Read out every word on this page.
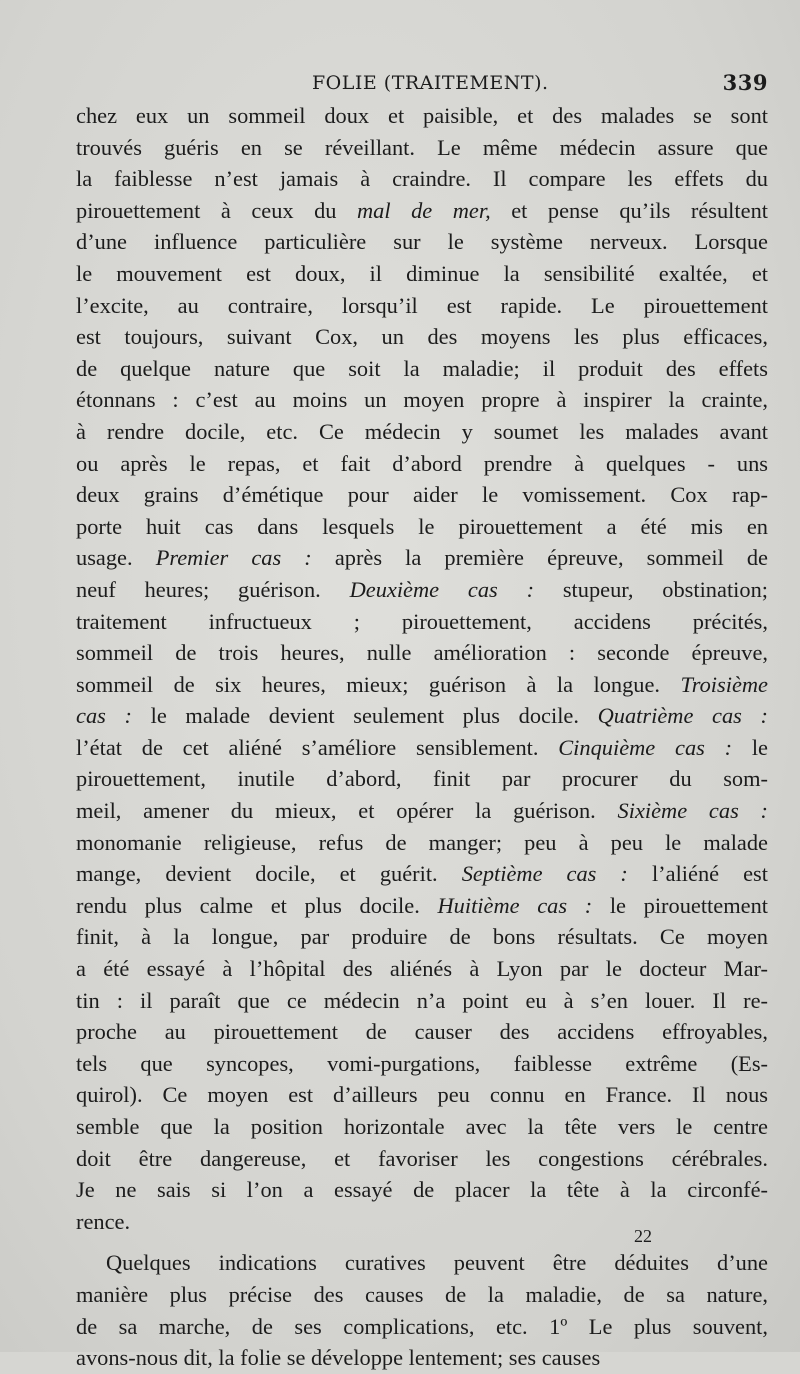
FOLIE (TRAITEMENT).	339
chez eux un sommeil doux et paisible, et des malades se sont
trouvés guéris en se réveillant. Le même médecin assure que
la faiblesse n’est jamais à craindre. Il compare les effets du
pirouettement à ceux du mal de mer, et pense qu’ils résultent
d’une influence particulière sur le système nerveux. Lorsque
le mouvement est doux, il diminue la sensibilité exaltée, et
l’excite, au contraire, lorsqu’il est rapide. Le pirouettement
est toujours, suivant Cox, un des moyens les plus efficaces,
de quelque nature que soit la maladie; il produit des effets
étonnans : c’est au moins un moyen propre à inspirer la crainte,
à rendre docile, etc. Ce médecin y soumet les malades avant
ou après le repas, et fait d’abord prendre à quelques - uns
deux grains d’émétique pour aider le vomissement. Cox rap-
porte huit cas dans lesquels le pirouettement a été mis en
usage. Premier cas : après la première épreuve, sommeil de
neuf heures; guérison. Deuxième cas : stupeur, obstination;
traitement infructueux ; pirouettement, accidens précités,
sommeil de trois heures, nulle amélioration : seconde épreuve,
sommeil de six heures, mieux; guérison à la longue. Troisième
cas : le malade devient seulement plus docile. Quatrième cas :
l’état de cet aliéné s’améliore sensiblement. Cinquième cas : le
pirouettement, inutile d’abord, finit par procurer du som-
meil, amener du mieux, et opérer la guérison. Sixième cas :
monomanie religieuse, refus de manger; peu à peu le malade
mange, devient docile, et guérit. Septième cas : l’aliéné est
rendu plus calme et plus docile. Huitième cas : le pirouettement
finit, à la longue, par produire de bons résultats. Ce moyen
a été essayé à l’hôpital des aliénés à Lyon par le docteur Mar-
tin : il paraît que ce médecin n’a point eu à s’en louer. Il re-
proche au pirouettement de causer des accidens effroyables,
tels que syncopes, vomi-purgations, faiblesse extrême (Es-
quirol). Ce moyen est d’ailleurs peu connu en France. Il nous
semble que la position horizontale avec la tête vers le centre
doit être dangereuse, et favoriser les congestions cérébrales.
Je ne sais si l’on a essayé de placer la tête à la circonfé-
rence.
Quelques indications curatives peuvent être déduites d’une
manière plus précise des causes de la maladie, de sa nature,
de sa marche, de ses complications, etc. 1º Le plus souvent,
avons-nous dit, la folie se développe lentement; ses causes
22
